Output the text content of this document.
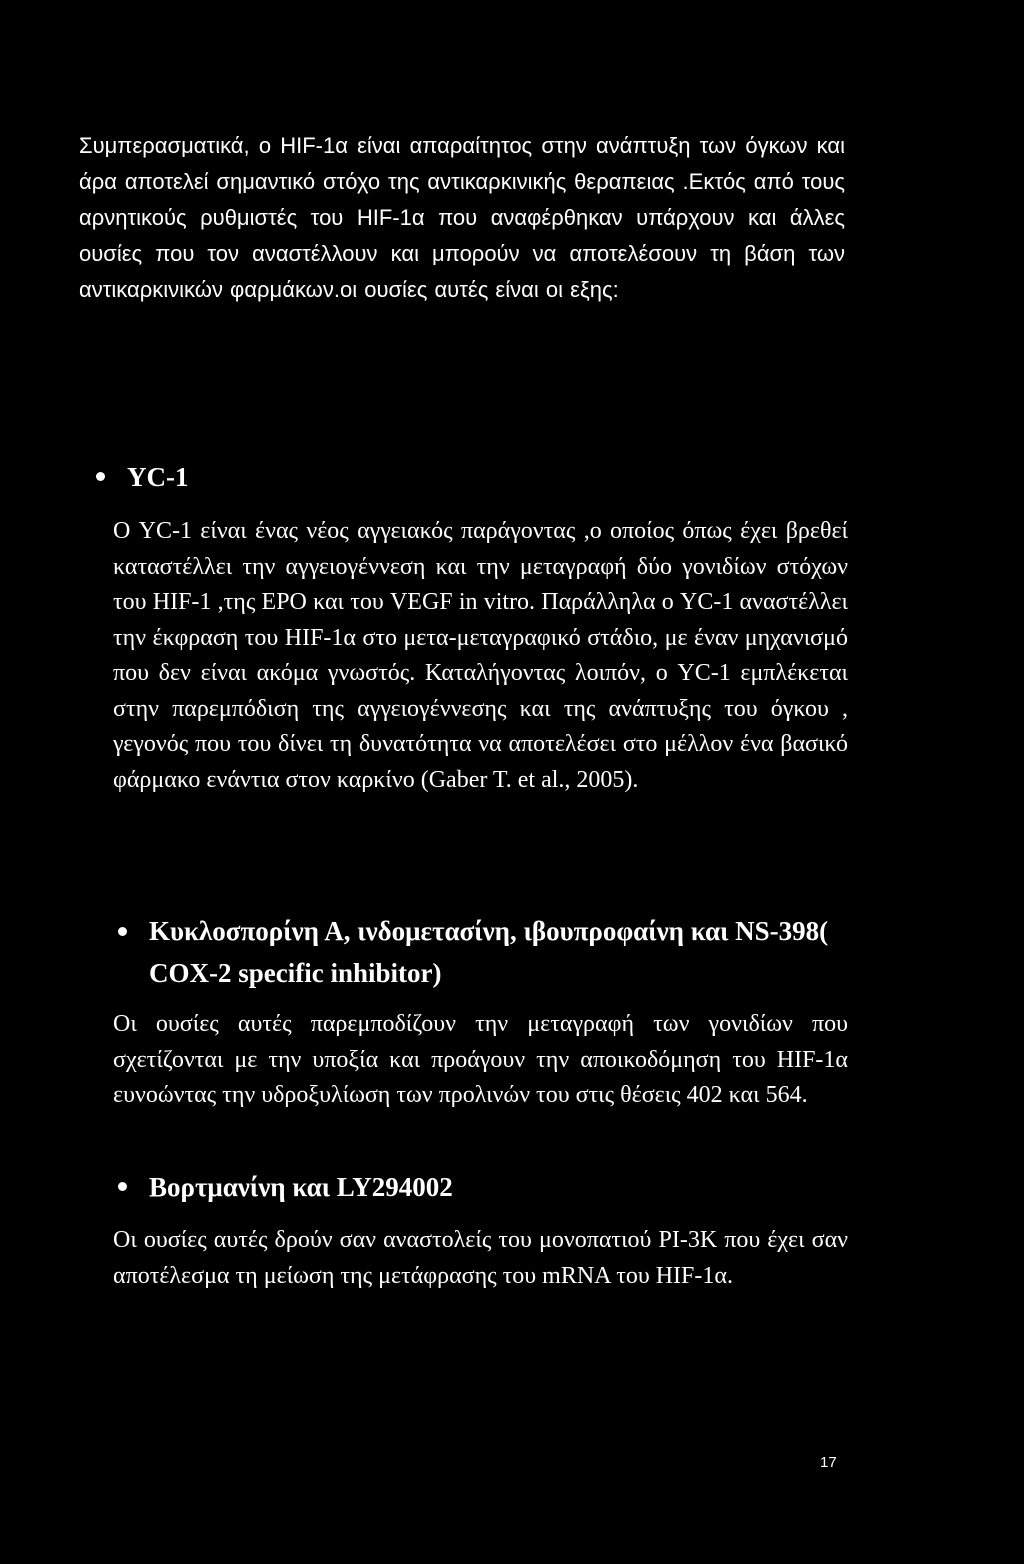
Συμπερασματικά, ο HIF-1α είναι απαραίτητος στην ανάπτυξη των όγκων και άρα αποτελεί σημαντικό στόχο της αντικαρκινικής θεραπειας .Εκτός από τους αρνητικούς ρυθμιστές του HIF-1α που αναφέρθηκαν υπάρχουν και άλλες ουσίες που τον αναστέλλουν και μπορούν να αποτελέσουν τη βάση των αντικαρκινικών φαρμάκων.οι ουσίες αυτές είναι οι εξης:

YC-1

Ο YC-1 είναι ένας νέος αγγειακός παράγοντας ,ο οποίος όπως έχει βρεθεί καταστέλλει την αγγειογέννεση και την μεταγραφή δύο γονιδίων στόχων του HIF-1 ,της EPO και του VEGF in vitro. Παράλληλα ο YC-1 αναστέλλει την έκφραση του HIF-1α στο μετα-μεταγραφικό στάδιο, με έναν μηχανισμό που δεν είναι ακόμα γνωστός. Καταλήγοντας λοιπόν, ο YC-1 εμπλέκεται στην παρεμπόδιση της αγγειογέννεσης και της ανάπτυξης του όγκου , γεγονός που του δίνει τη δυνατότητα να αποτελέσει στο μέλλον ένα βασικό φάρμακο ενάντια στον καρκίνο (Gaber T. et al., 2005).

Κυκλοσπορίνη Α, ινδομετασίνη, ιβουπροφαίνη και NS-398( COX-2 specific inhibitor)

Οι ουσίες αυτές παρεμποδίζουν την μεταγραφή των γονιδίων που σχετίζονται με την υποξία και προάγουν την αποικοδόμηση του HIF-1α ευνοώντας την υδροξυλίωση των προλινών του στις θέσεις 402 και 564.

Βορτμανίνη και LY294002

Οι ουσίες αυτές δρούν σαν αναστολείς του μονοπατιού PI-3K που έχει σαν αποτέλεσμα τη μείωση της μετάφρασης του mRNA του HIF-1α.

17
